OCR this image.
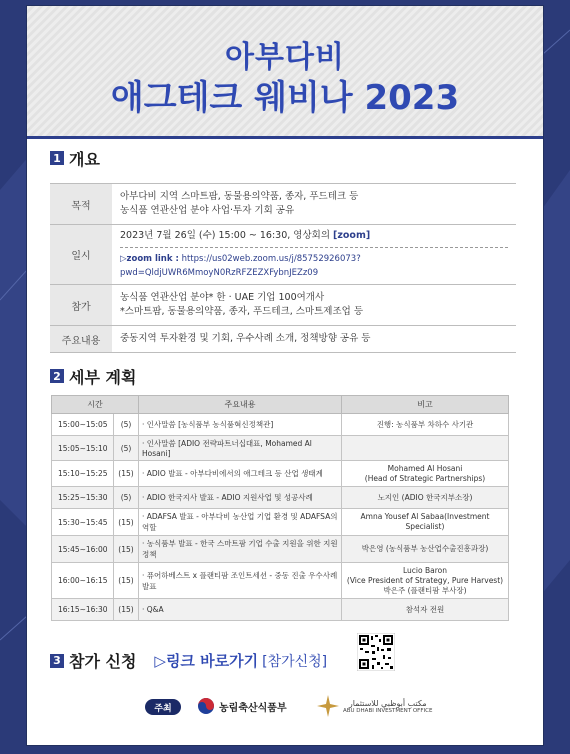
아부다비
애그테크 웨비나 2023
1 개요
목적	아부다비 지역 스마트팜, 동물용의약품, 종자, 푸드테크 등
농식품 연관산업 분야 사업·투자 기회 공유

일시	2023년 7월 26일 (수) 15:00 ~ 16:30, 영상회의 [zoom]
▷zoom link : https://us02web.zoom.us/j/85752926073?pwd=QldjUWR6MmoyN0RzRFZEZXFybnJEZz09

참가	농식품 연관산업 분야* 한 · UAE 기업 100여개사
*스마트팜, 동물용의약품, 종자, 푸드테크, 스마트제조업 등

주요내용	중동지역 투자환경 및 기회, 우수사례 소개, 정책방향 공유 등
2 세부 계획
3 참가 신청 ▷링크 바로가기 [참가신청]
주최	농림축산식품부	مكتب أبوظبي للاستثمار
ABU DHABI INVESTMENT OFFICE
시간		주요내용	비고
15:00~15:05	(5)	· 인사말씀 [농식품부 농식품혁신정책관]	진행: 농식품부 차하수 사기관
15:05~15:10	(5)	· 인사말씀 [ADIO 전략파트너십대표, Mohamed Al Hosani]	
15:10~15:25	(15)	· ADIO 발표 - 아부다비에서의 애그테크 등 산업 생태계	Mohamed Al Hosani
(Head of Strategic Partnerships)
15:25~15:30	(5)	· ADIO 한국지사 발표 - ADIO 지원사업 및 성공사례	노지인 (ADIO 한국지부소장)
15:30~15:45	(15)	· ADAFSA 발표 - 아부다비 농산업 기업 환경 및 ADAFSA의 역할	Amna Yousef Al Sabaa(Investment Specialist)
15:45~16:00	(15)	· 농식품부 발표 - 한국 스마트팜 기업 수출 지원을 위한 지원정책	박은영 (농식품부 농산업수출진흥과장)
16:00~16:15	(15)	· 퓨어하베스트 x 플랜티팜 조인트세션 - 중동 진출 우수사례 발표	Lucio Baron
(Vice President of Strategy, Pure Harvest)
박은주 (플랜티팜 부사장)
16:15~16:30	(15)	· Q&A	참석자 전원
